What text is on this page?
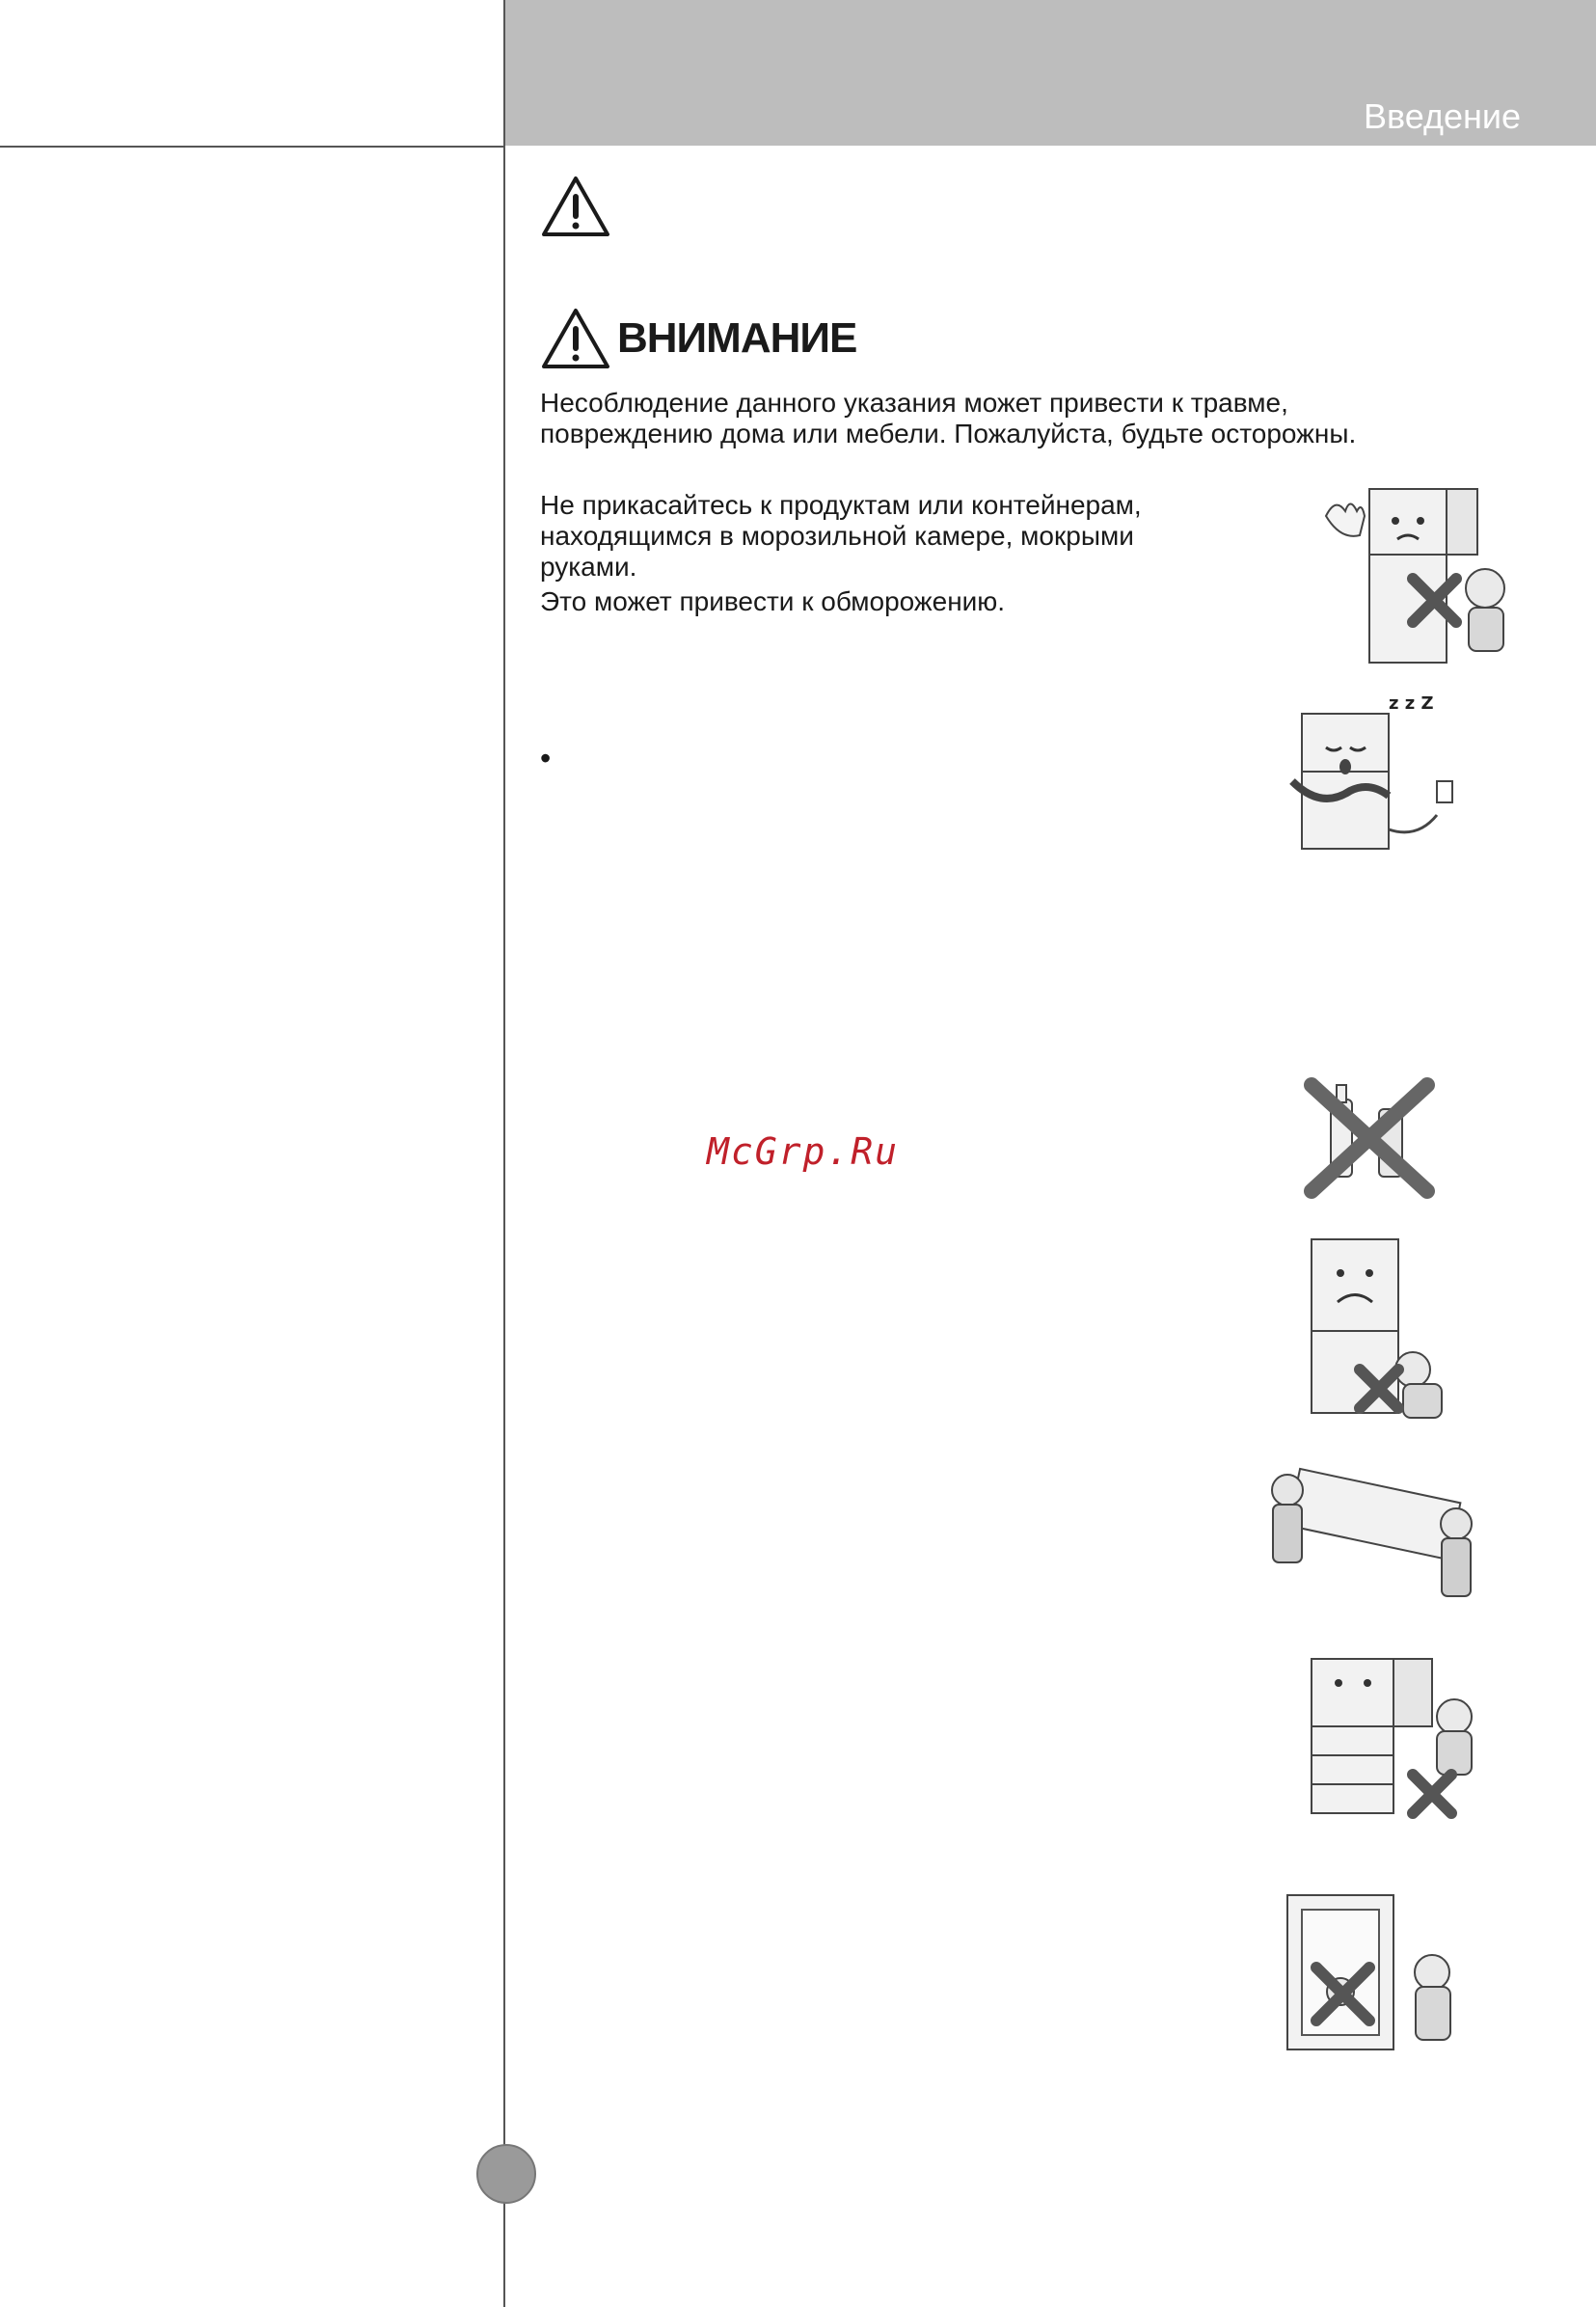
Введение
ВНИМАНИЕ
Несоблюдение данного указания может привести к травме, повреждению дома или мебели. Пожалуйста, будьте осторожны.
Не прикасайтесь к продуктам или контейнерам, находящимся в морозильной камере, мокрыми руками.
Это может привести к обморожению.
•
McGrp.Ru
z z Z
